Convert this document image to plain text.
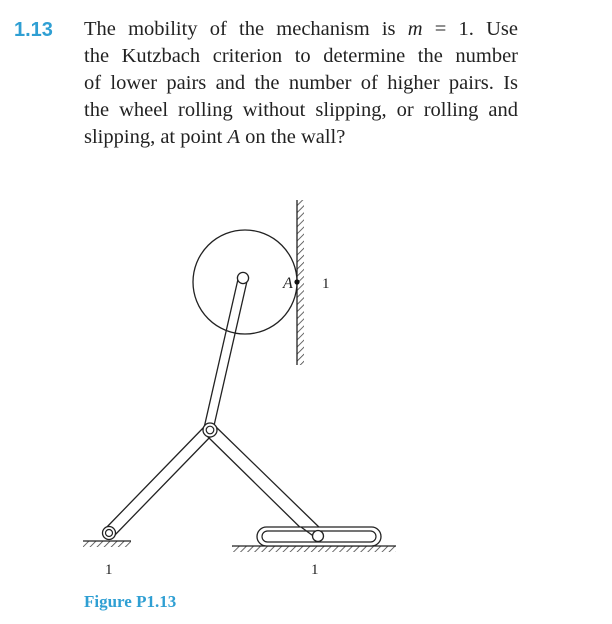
1.13 The mobility of the mechanism is m = 1. Use
the Kutzbach criterion to determine the number
of lower pairs and the number of higher pairs. Is
the wheel rolling without slipping, or rolling and
slipping, at point A on the wall?
A 1
1	1
Figure P1.13
